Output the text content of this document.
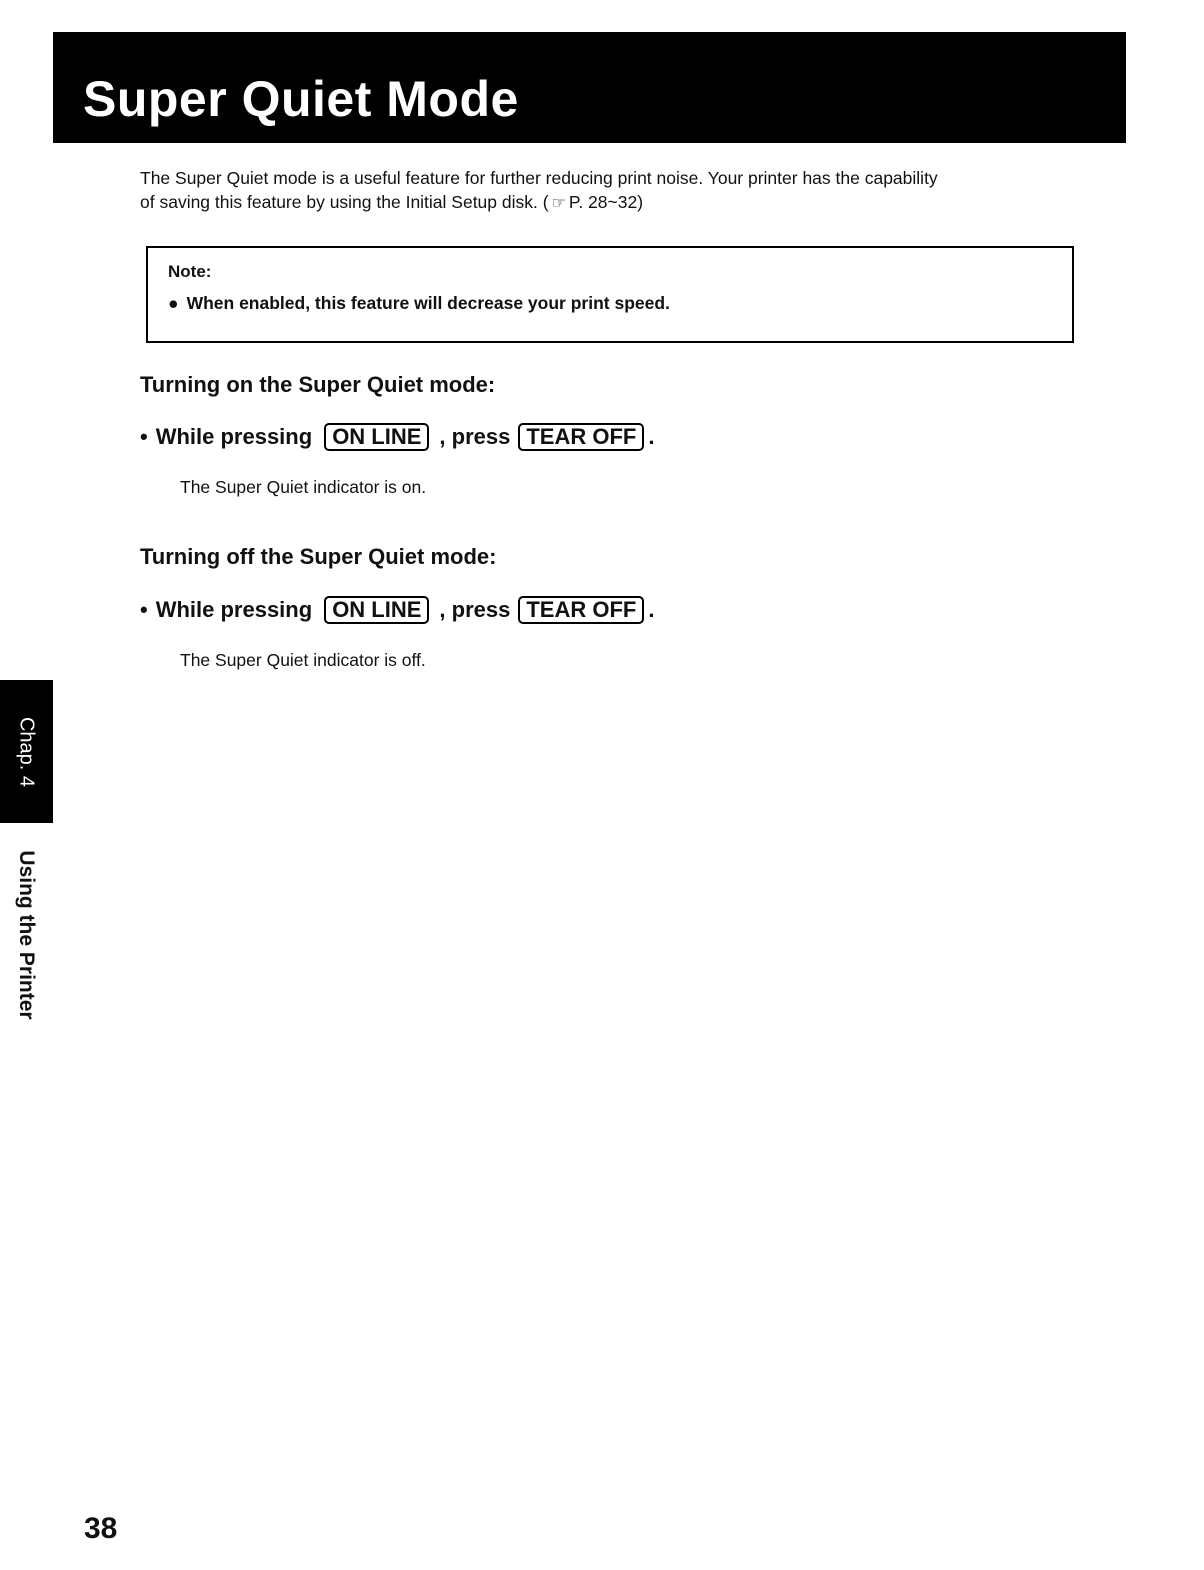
Super Quiet Mode

The Super Quiet mode is a useful feature for further reducing print noise. Your printer has the capability

of saving this feature by using the Initial Setup disk. ( ☞ P. 28~32)

Note:
● When enabled, this feature will decrease your print speed.
Turning on the Super Quiet mode:
• While pressing ON LINE , press TEAR OFF .
The Super Quiet indicator is on.
Turning off the Super Quiet mode:
• While pressing ON LINE , press TEAR OFF .
The Super Quiet indicator is off.
Chap. 4
Using the Printer
38
